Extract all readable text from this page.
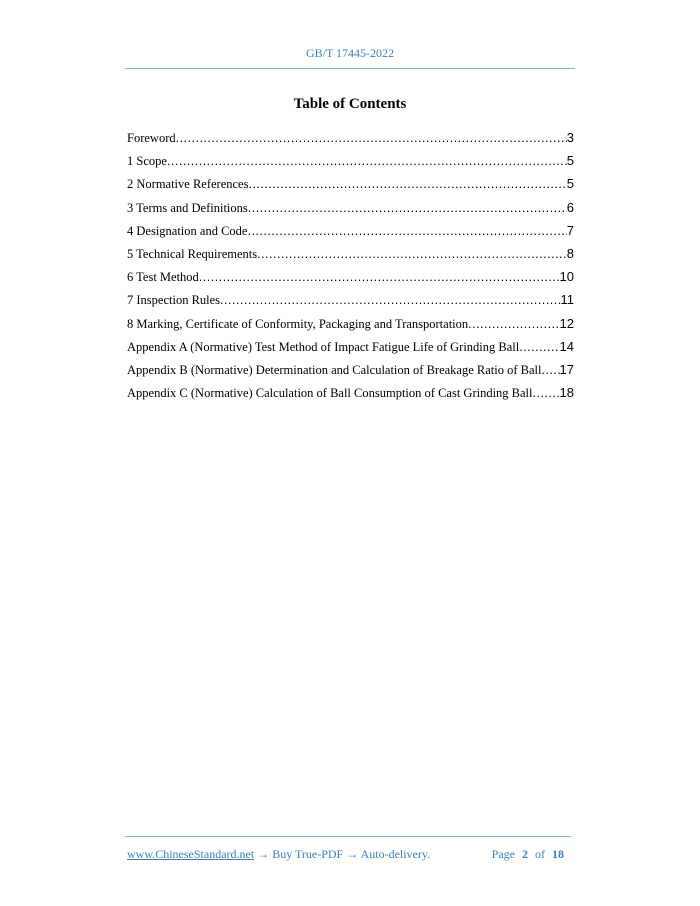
GB/T 17445-2022
Table of Contents
Foreword .....	3
1 Scope .....	5
2 Normative References .....	5
3 Terms and Definitions .....	6
4 Designation and Code .....	7
5 Technical Requirements .....	8
6 Test Method .....	10
7 Inspection Rules .....	11
8 Marking, Certificate of Conformity, Packaging and Transportation .....	12
Appendix A (Normative) Test Method of Impact Fatigue Life of Grinding Ball .....	14
Appendix B (Normative) Determination and Calculation of Breakage Ratio of Ball ..... 17
Appendix C (Normative) Calculation of Ball Consumption of Cast Grinding Ball ..... 18
www.ChineseStandard.net → Buy True-PDF → Auto-delivery.	Page 2 of 18
